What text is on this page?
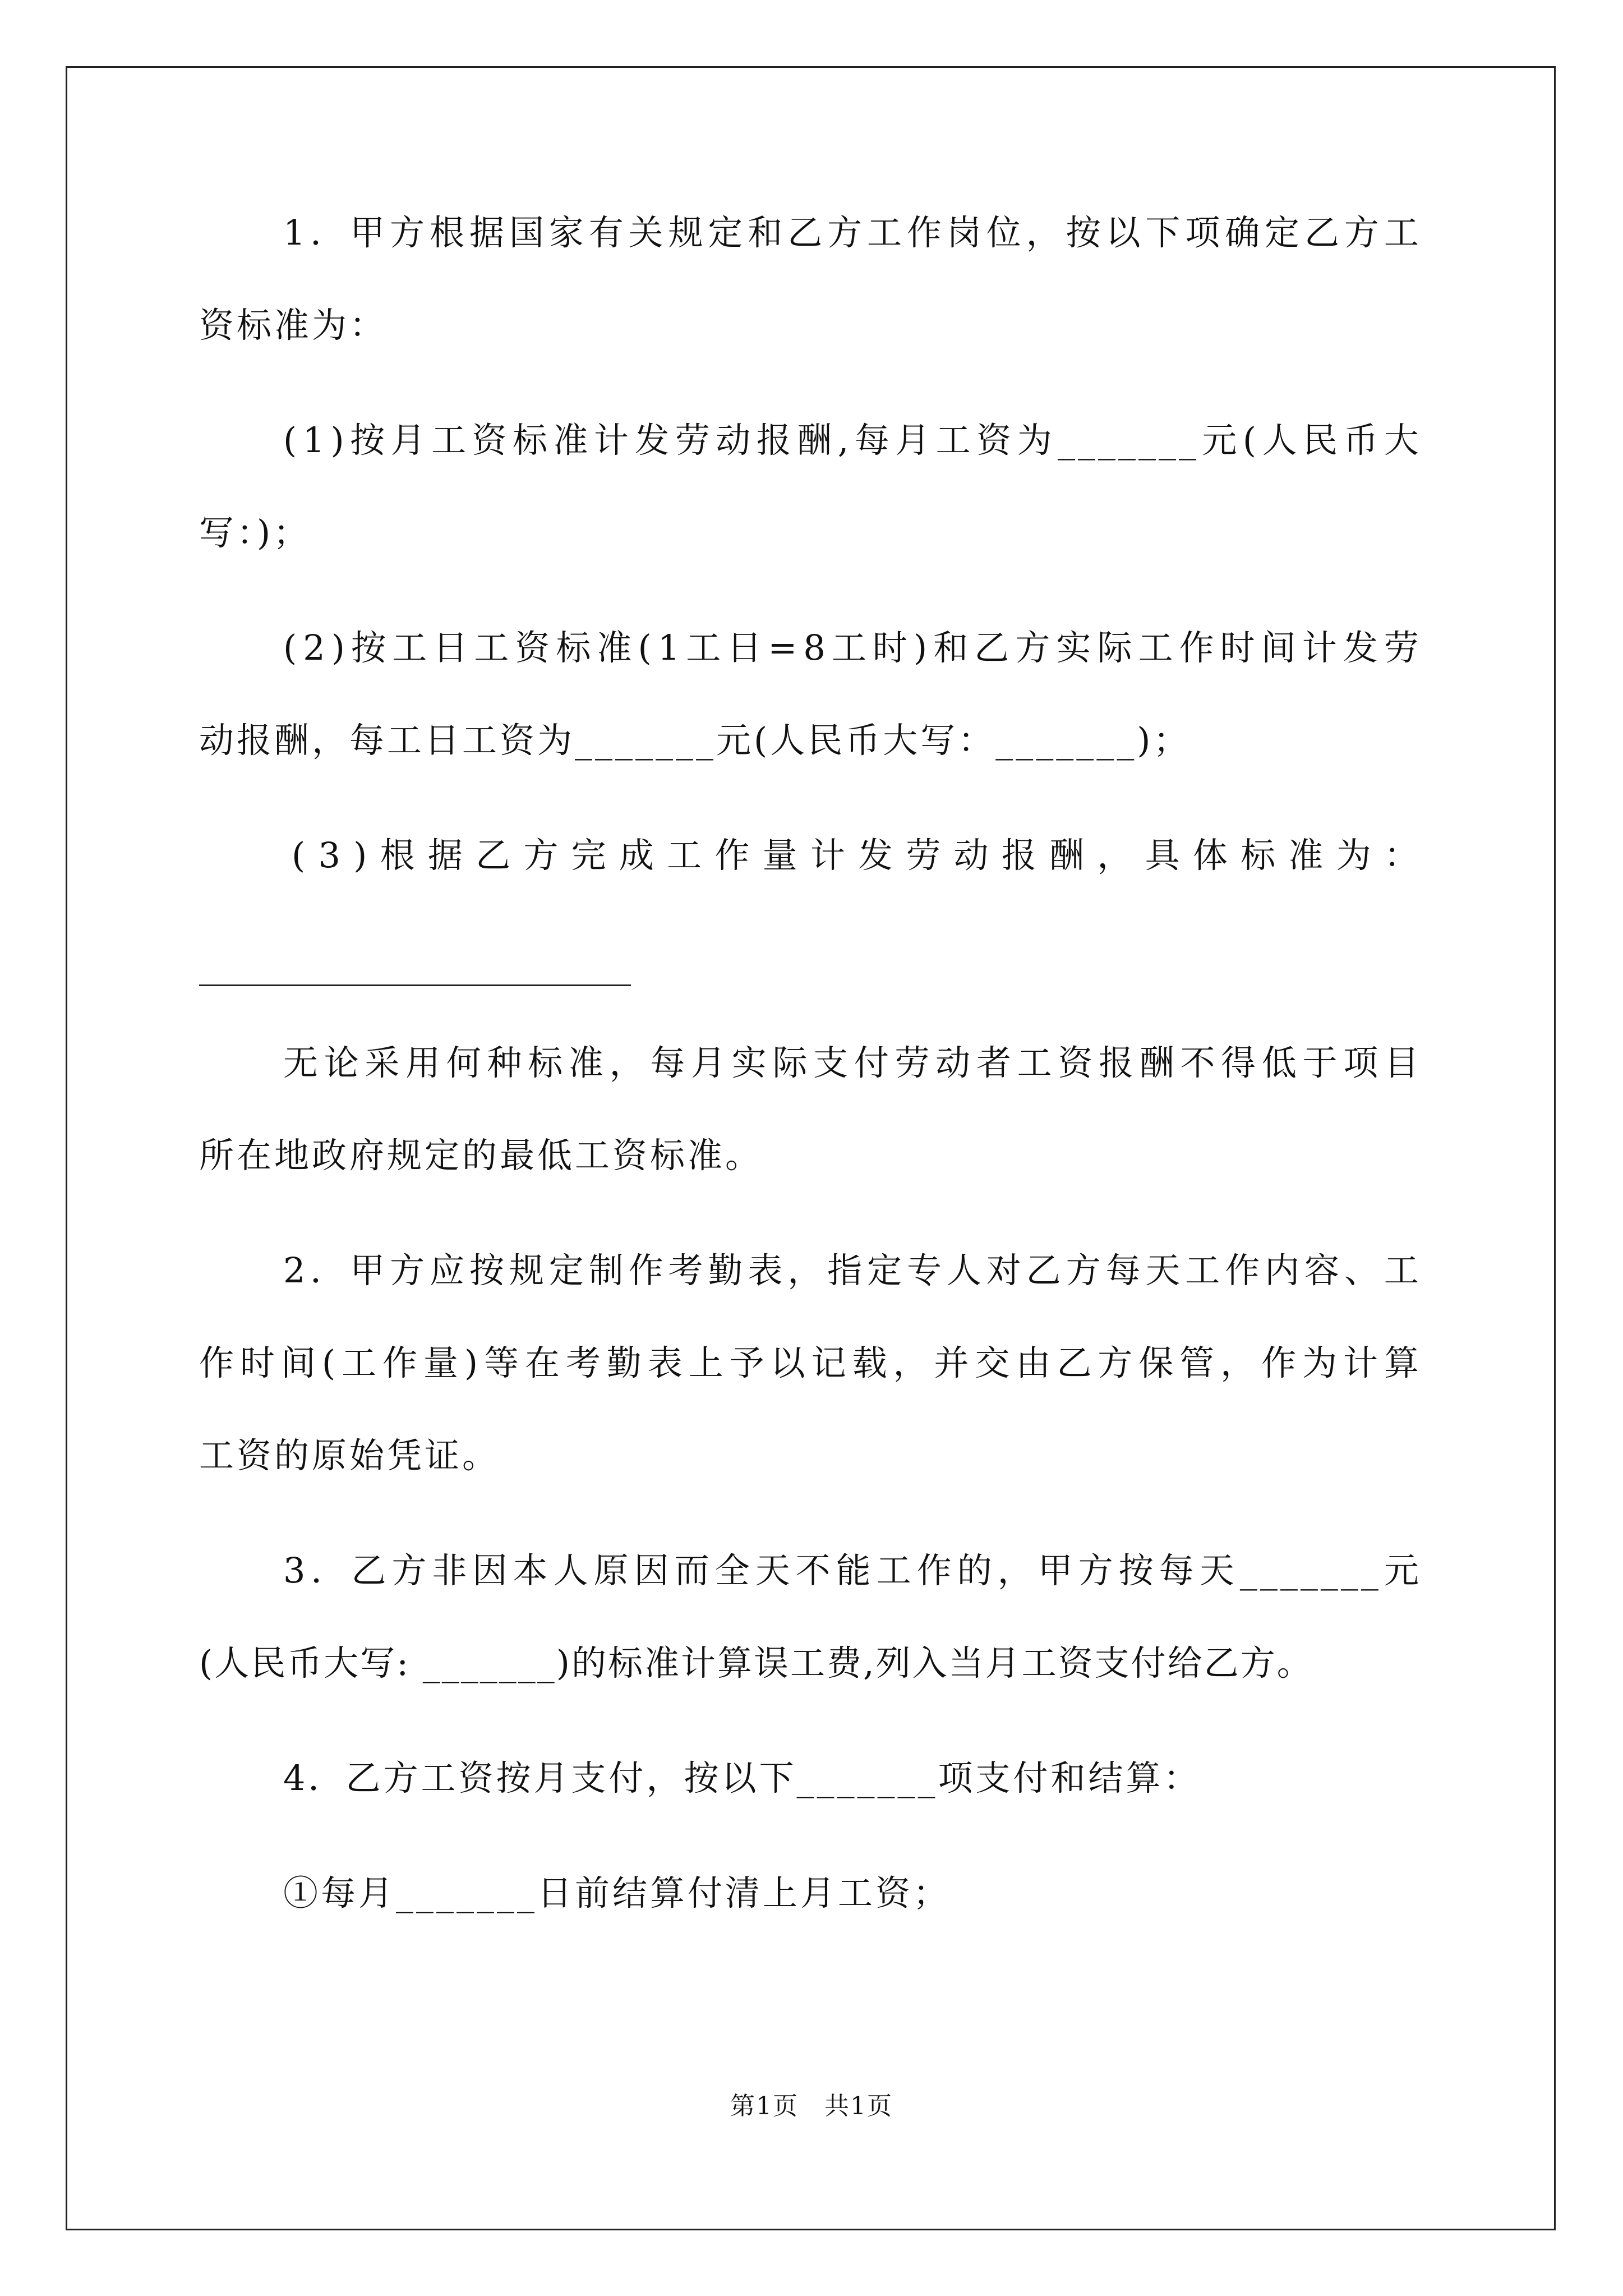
1 ． 甲 方 根 据 国 家 有 关 规 定 和 乙 方 工 作 岗 位 ， 按 以 下 项 确 定 乙 方 工
资标准为：
( 1 ) 按 月 工 资 标 准 计 发 劳 动 报 酬 , 每 月 工 资 为 _______ 元 ( 人 民 币 大
写：)；
( 2 ) 按 工 日 工 资 标 准 ( 1 工 日 = 8 工 时 ) 和 乙 方 实 际 工 作 时 间 计 发 劳
动报酬，每工日工资为_______元(人民币大写：_______)；
( 3 ) 根 据 乙 方 完 成 工 作 量 计 发 劳 动 报 酬 ， 具 体 标 准 为 ：
无 论 采 用 何 种 标 准 ， 每 月 实 际 支 付 劳 动 者 工 资 报 酬 不 得 低 于 项 目
所在地政府规定的最低工资标准。
2 ． 甲 方 应 按 规 定 制 作 考 勤 表 ， 指 定 专 人 对 乙 方 每 天 工 作 内 容 、 工
作 时 间 ( 工 作 量 ) 等 在 考 勤 表 上 予 以 记 载 ， 并 交 由 乙 方 保 管 ， 作 为 计 算
工资的原始凭证。
3 ． 乙 方 非 因 本 人 原 因 而 全 天 不 能 工 作 的 ， 甲 方 按 每 天 _______ 元
(人民币大写: _______)的标准计算误工费,列入当月工资支付给乙方。
4．乙方工资按月支付，按以下_______项支付和结算：
①每月_______日前结算付清上月工资；
第1页　共1页
